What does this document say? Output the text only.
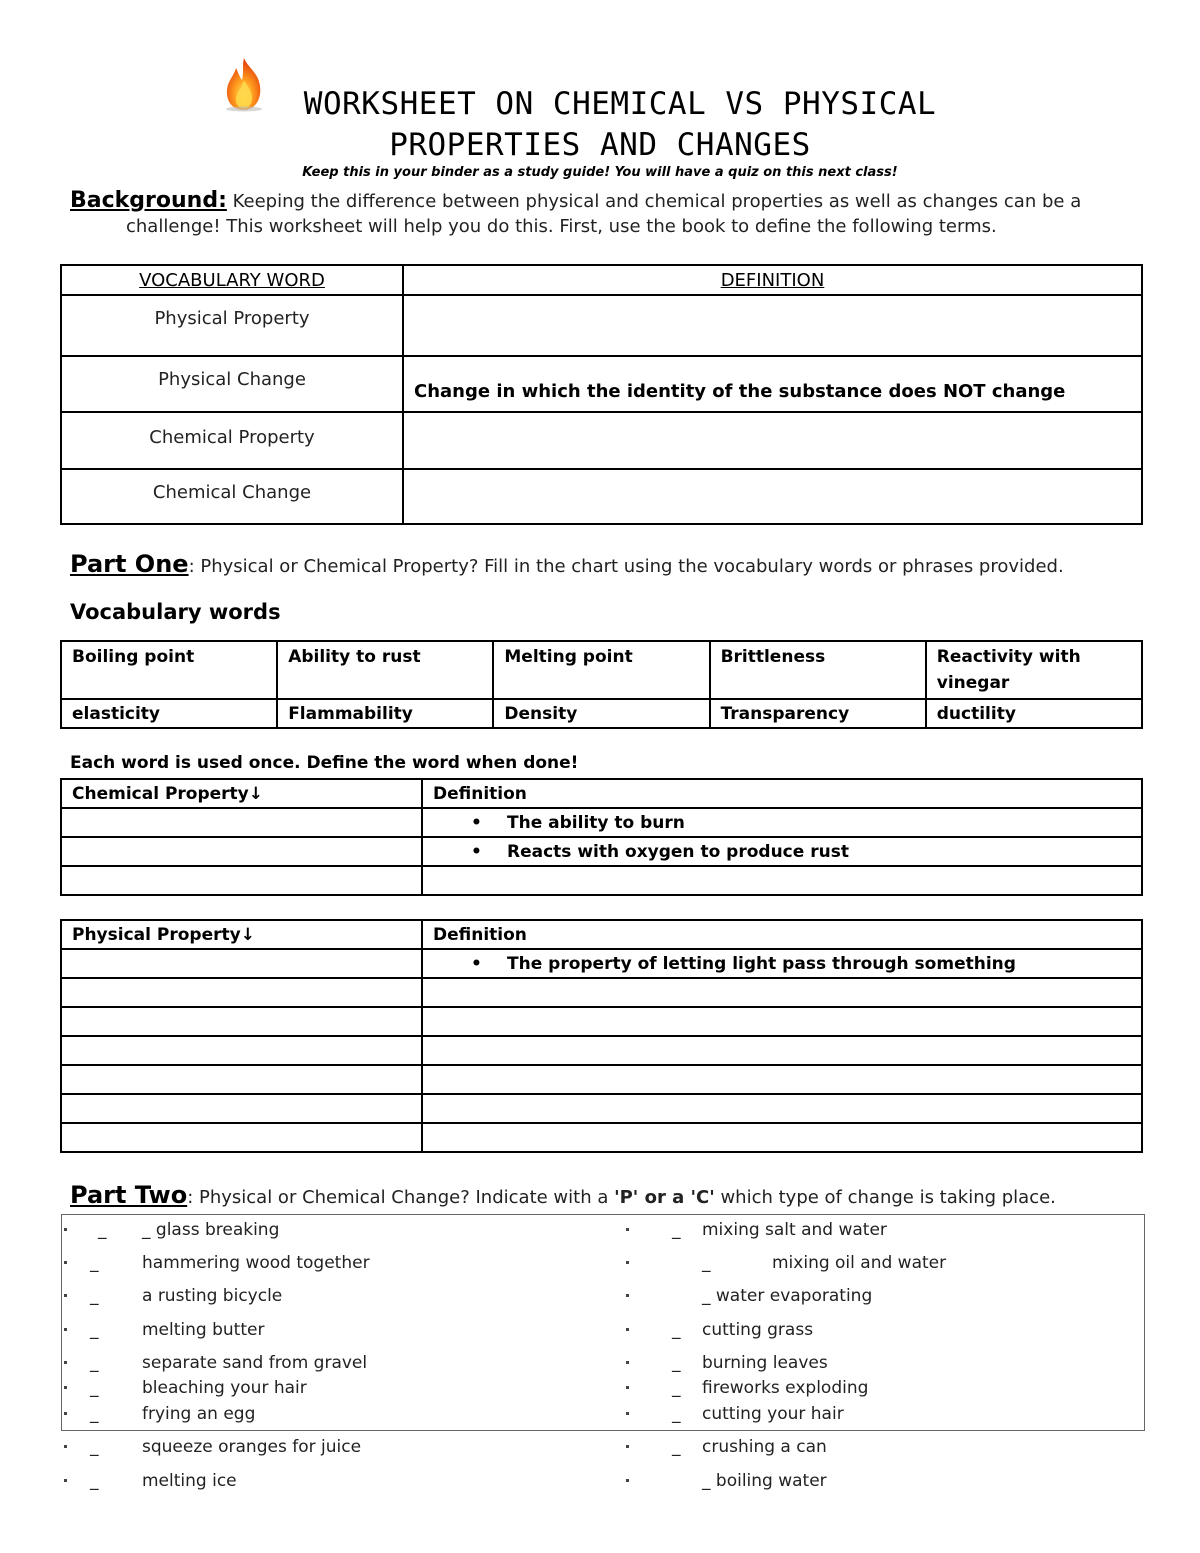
WORKSHEET ON CHEMICAL VS PHYSICAL
PROPERTIES AND CHANGES
Keep this in your binder as a study guide! You will have a quiz on this next class!
Background: Keeping the difference between physical and chemical properties as well as changes can be a
challenge! This worksheet will help you do this. First, use the book to define the following terms.
VOCABULARY WORD	DEFINITION
Physical Property	
Physical Change	Change in which the identity of the substance does NOT change
Chemical Property	
Chemical Change	
Part One: Physical or Chemical Property? Fill in the chart using the vocabulary words or phrases provided.
Vocabulary words
Boiling point	Ability to rust	Melting point	Brittleness	Reactivity with vinegar
elasticity	Flammability	Density	Transparency	ductility
Each word is used once. Define the word when done!
Chemical Property↓	Definition
	• The ability to burn
	• Reacts with oxygen to produce rust

Physical Property↓	Definition
	• The property of letting light pass through something

Part Two: Physical or Chemical Change? Indicate with a 'P' or a 'C' which type of change is taking place.
_ _ glass breaking	_ mixing salt and water
_	hammering wood together	_	mixing oil and water
_	a rusting bicycle	_ water evaporating
_	melting butter	_ cutting grass
_	separate sand from gravel	_ burning leaves
_	bleaching your hair	_ fireworks exploding
_	frying an egg	_ cutting your hair
_	squeeze oranges for juice	_ crushing a can
_	melting ice	_ boiling water
